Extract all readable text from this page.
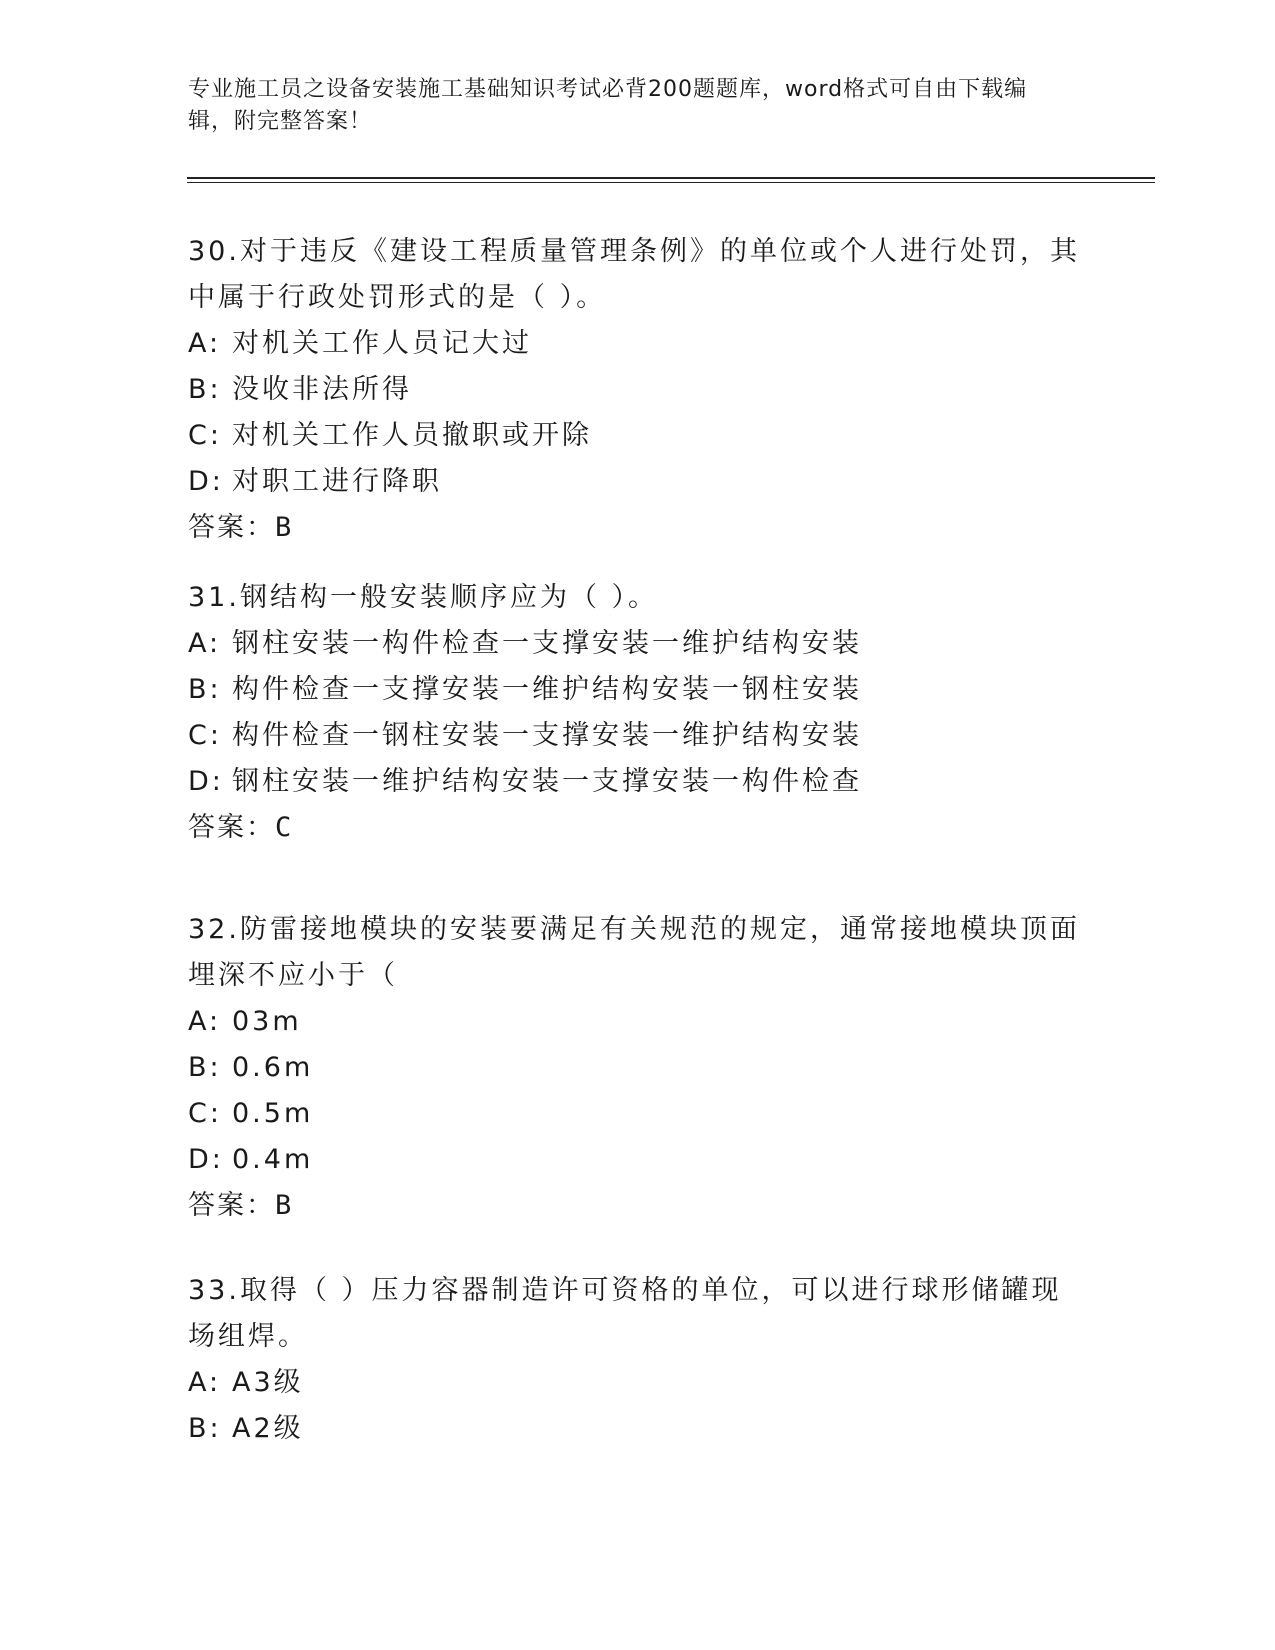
专业施工员之设备安装施工基础知识考试必背200题题库，word格式可自由下载编辑，附完整答案！

30.对于违反《建设工程质量管理条例》的单位或个人进行处罚，其中属于行政处罚形式的是（ ）。

A: 对机关工作人员记大过
B: 没收非法所得
C: 对机关工作人员撤职或开除
D: 对职工进行降职
答案：B

31.钢结构一般安装顺序应为（ ）。

A: 钢柱安装一构件检查一支撑安装一维护结构安装
B: 构件检查一支撑安装一维护结构安装一钢柱安装
C: 构件检查一钢柱安装一支撑安装一维护结构安装
D: 钢柱安装一维护结构安装一支撑安装一构件检查
答案：C

32.防雷接地模块的安装要满足有关规范的规定，通常接地模块顶面埋深不应小于（

A: 03m
B: 0.6m
C: 0.5m
D: 0.4m
答案：B

33.取得（ ）压力容器制造许可资格的单位，可以进行球形储罐现场组焊。

A: A3级
B: A2级
